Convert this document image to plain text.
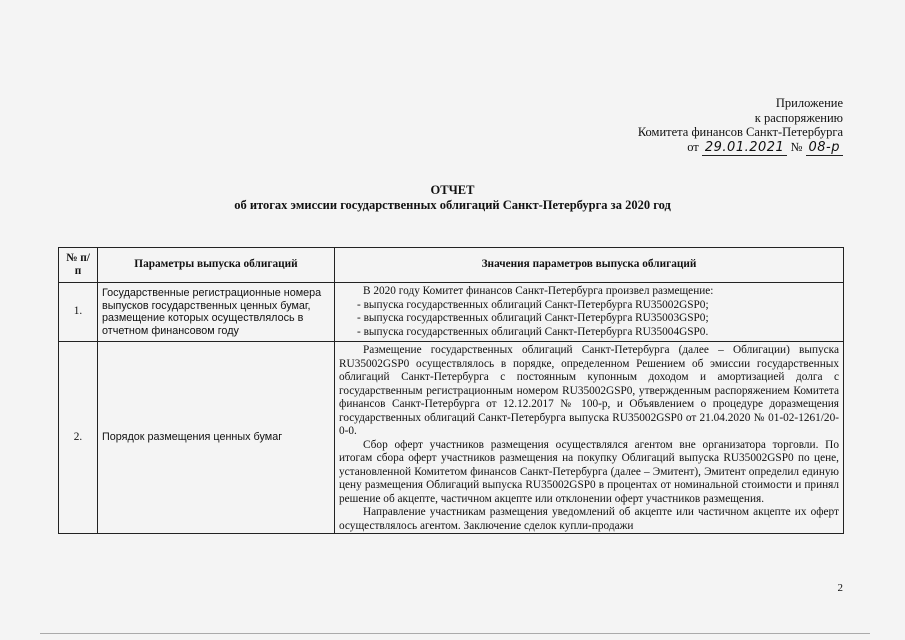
Приложение
к распоряжению
Комитета финансов Санкт-Петербурга
от 29.01.2021 № 08-р
ОТЧЕТ
об итогах эмиссии государственных облигаций Санкт-Петербурга за 2020 год
№ п/п	Параметры выпуска облигаций	Значения параметров выпуска облигаций
1.	Государственные регистрационные номера выпусков государственных ценных бумаг, размещение которых осуществлялось в отчетном финансовом году	В 2020 году Комитет финансов Санкт-Петербурга произвел размещение:
- выпуска государственных облигаций Санкт-Петербурга RU35002GSP0;
- выпуска государственных облигаций Санкт-Петербурга RU35003GSP0;
- выпуска государственных облигаций Санкт-Петербурга RU35004GSP0.

2.	Порядок размещения ценных бумаг	Размещение государственных облигаций Санкт-Петербурга (далее – Облигации) выпуска RU35002GSP0 осуществлялось в порядке, определенном Решением об эмиссии государственных облигаций Санкт-Петербурга с постоянным купонным доходом и амортизацией долга с государственным регистрационным номером RU35002GSP0, утвержденным распоряжением Комитета финансов Санкт-Петербурга от 12.12.2017 № 100-р, и Объявлением о процедуре доразмещения государственных облигаций Санкт-Петербурга выпуска RU35002GSP0 от 21.04.2020 № 01-02-1261/20-0-0.
Сбор оферт участников размещения осуществлялся агентом вне организатора торговли. По итогам сбора оферт участников размещения на покупку Облигаций выпуска RU35002GSP0 по цене, установленной Комитетом финансов Санкт-Петербурга (далее – Эмитент), Эмитент определил единую цену размещения Облигаций выпуска RU35002GSP0 в процентах от номинальной стоимости и принял решение об акцепте, частичном акцепте или отклонении оферт участников размещения.
Направление участникам размещения уведомлений об акцепте или частичном акцепте их оферт осуществлялось агентом. Заключение сделок купли-продажи
2
